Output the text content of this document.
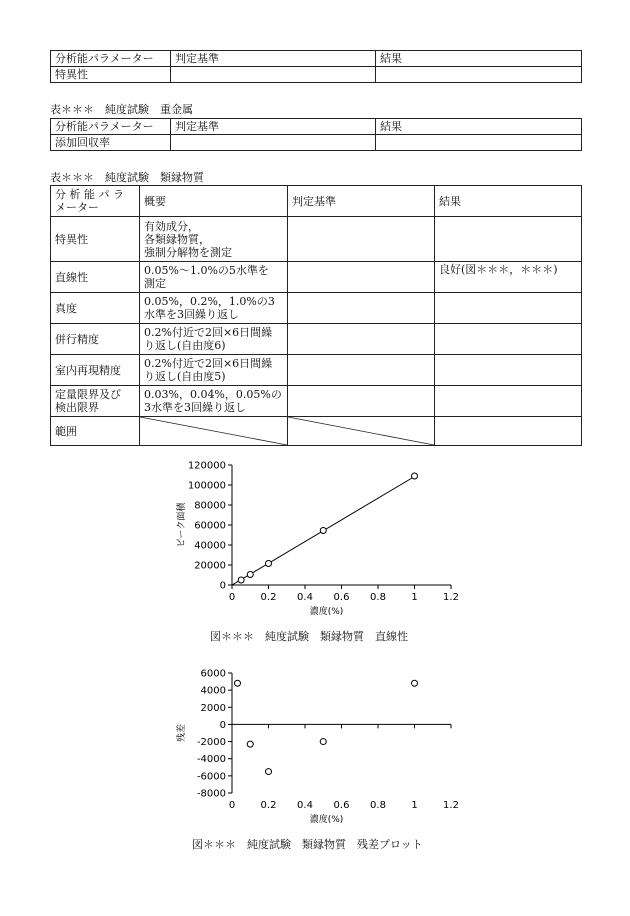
分析能パラメーター	判定基準	結果
特異性		
表＊＊＊　純度試験　重金属
分析能パラメーター	判定基準	結果
添加回収率		
表＊＊＊　純度試験　類縁物質
分 析 能 パ ラ
メーター	概要	判定基準	結果
特異性	有効成分，
各類縁物質，
強制分解物を測定		
直線性	0.05%～1.0%の5水準を
測定		良好(図＊＊＊，＊＊＊)
真度	0.05%，0.2%，1.0%の3
水準を3回繰り返し		
併行精度	0.2%付近で2回×6日間繰
り返し(自由度6)		
室内再現精度	0.2%付近で2回×6日間繰
り返し(自由度5)		
定量限界及び
検出限界	0.03%，0.04%，0.05%の
3水準を3回繰り返し		
範囲	

0
20000
40000
60000
80000
100000
120000
0	0.2 0.4 0.6 0.8	1	1.2
濃度(%)
ピーク面積
図＊＊＊　純度試験　類縁物質　直線性
6000
4000
2000
0
-2000
-4000
-6000
-8000
0	0.2 0.4 0.6 0.8	1	1.2
濃度(%)
残差
図＊＊＊　純度試験　類縁物質　残差プロット
